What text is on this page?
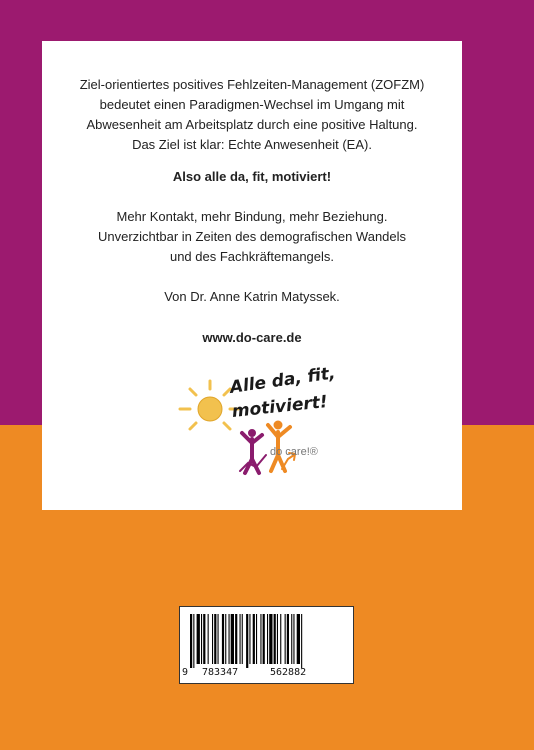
Ziel-orientiertes positives Fehlzeiten-Management (ZOFZM)
bedeutet einen Paradigmen-Wechsel im Umgang mit
Abwesenheit am Arbeitsplatz durch eine positive Haltung.
Das Ziel ist klar: Echte Anwesenheit (EA).
Also alle da, fit, motiviert!
Mehr Kontakt, mehr Bindung, mehr Beziehung.
Unverzichtbar in Zeiten des demografischen Wandels
und des Fachkräftemangels.
Von Dr. Anne Katrin Matyssek.
www.do-care.de
Alle da, fit,
motiviert!
do care!®
9 783347	562882
